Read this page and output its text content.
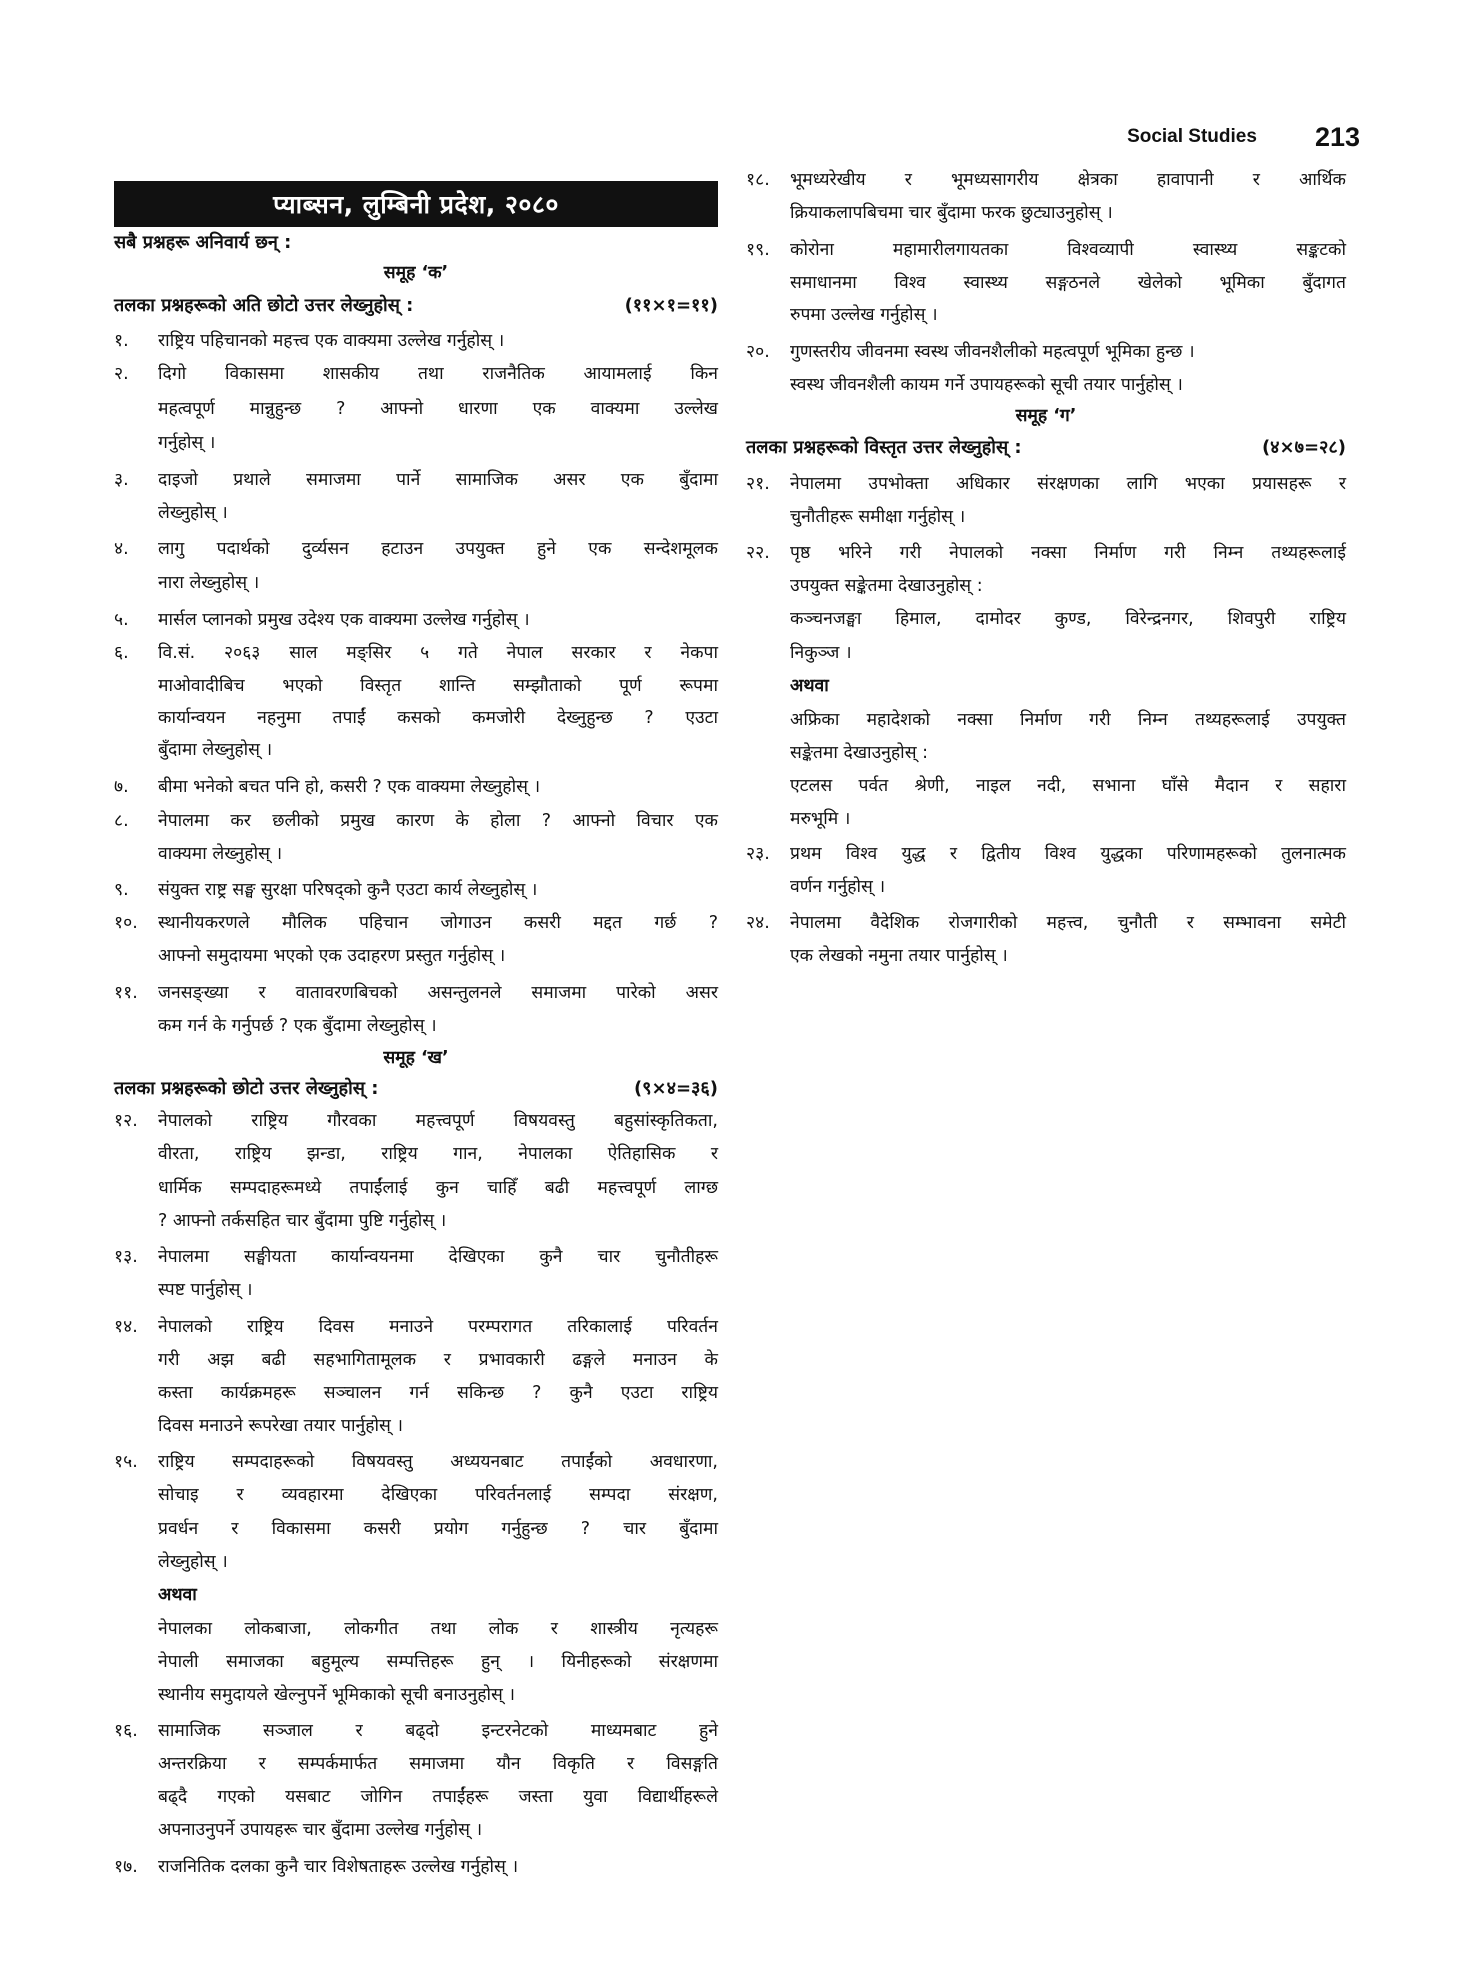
Social Studies 213
प्याब्सन, लुम्बिनी प्रदेश, २०८०
सबै प्रश्नहरू अनिवार्य छन् :
समूह ‘क’
तलका प्रश्नहरूको अति छोटो उत्तर लेख्नुहोस् :	(११×१=११)
१.	राष्ट्रिय पहिचानको महत्त्व एक वाक्यमा उल्लेख गर्नुहोस् ।
२.	दिगो विकासमा शासकीय तथा राजनैतिक आयामलाई किन
महत्वपूर्ण मान्नुहुन्छ ? आफ्नो धारणा एक वाक्यमा उल्लेख
गर्नुहोस् ।
३.	दाइजो प्रथाले समाजमा पार्ने सामाजिक असर एक बुँदामा
लेख्नुहोस् ।
४.	लागु पदार्थको दुर्व्यसन हटाउन उपयुक्त हुने एक सन्देशमूलक
नारा लेख्नुहोस् ।
५.	मार्सल प्लानको प्रमुख उदेश्य एक वाक्यमा उल्लेख गर्नुहोस् ।
६.	वि.सं. २०६३ साल मङ्सिर ५ गते नेपाल सरकार र नेकपा
माओवादीबिच भएको विस्तृत शान्ति सम्झौताको पूर्ण रूपमा
कार्यान्वयन नहनुमा तपाईं कसको कमजोरी देख्नुहुन्छ ? एउटा
बुँदामा लेख्नुहोस् ।
७.	बीमा भनेको बचत पनि हो, कसरी ? एक वाक्यमा लेख्नुहोस् ।
८.	नेपालमा कर छलीको प्रमुख कारण के होला ? आफ्नो विचार एक
वाक्यमा लेख्नुहोस् ।
९.	संयुक्त राष्ट्र सङ्घ सुरक्षा परिषद्को कुनै एउटा कार्य लेख्नुहोस् ।
१०.	स्थानीयकरणले मौलिक पहिचान जोगाउन कसरी मद्दत गर्छ ?
आफ्नो समुदायमा भएको एक उदाहरण प्रस्तुत गर्नुहोस् ।
११.	जनसङ्ख्या र वातावरणबिचको असन्तुलनले समाजमा पारेको असर
कम गर्न के गर्नुपर्छ ? एक बुँदामा लेख्नुहोस् ।
समूह ‘ख’
तलका प्रश्नहरूको छोटो उत्तर लेख्नुहोस् :	(९×४=३६)
१२.	नेपालको राष्ट्रिय गौरवका महत्त्वपूर्ण विषयवस्तु बहुसांस्कृतिकता,
वीरता, राष्ट्रिय झन्डा, राष्ट्रिय गान, नेपालका ऐतिहासिक र
धार्मिक सम्पदाहरूमध्ये तपाईंलाई कुन चाहिँ बढी महत्त्वपूर्ण लाग्छ
? आफ्नो तर्कसहित चार बुँदामा पुष्टि गर्नुहोस् ।
१३.	नेपालमा सङ्घीयता कार्यान्वयनमा देखिएका कुनै चार चुनौतीहरू
स्पष्ट पार्नुहोस् ।
१४.	नेपालको राष्ट्रिय दिवस मनाउने परम्परागत तरिकालाई परिवर्तन
गरी अझ बढी सहभागितामूलक र प्रभावकारी ढङ्गले मनाउन के
कस्ता कार्यक्रमहरू सञ्चालन गर्न सकिन्छ ? कुनै एउटा राष्ट्रिय
दिवस मनाउने रूपरेखा तयार पार्नुहोस् ।
१५.	राष्ट्रिय सम्पदाहरूको विषयवस्तु अध्ययनबाट तपाईंको अवधारणा,
सोचाइ र व्यवहारमा देखिएका परिवर्तनलाई सम्पदा संरक्षण,
प्रवर्धन र विकासमा कसरी प्रयोग गर्नुहुन्छ ? चार बुँदामा
लेख्नुहोस् ।
अथवा
नेपालका लोकबाजा, लोकगीत तथा लोक र शास्त्रीय नृत्यहरू
नेपाली समाजका बहुमूल्य सम्पत्तिहरू हुन् । यिनीहरूको संरक्षणमा
स्थानीय समुदायले खेल्नुपर्ने भूमिकाको सूची बनाउनुहोस् ।
१६.	सामाजिक सञ्जाल र बढ्दो इन्टरनेटको माध्यमबाट हुने
अन्तरक्रिया र सम्पर्कमार्फत समाजमा यौन विकृति र विसङ्गति
बढ्दै गएको यसबाट जोगिन तपाईंहरू जस्ता युवा विद्यार्थीहरूले
अपनाउनुपर्ने उपायहरू चार बुँदामा उल्लेख गर्नुहोस् ।
१७.	राजनितिक दलका कुनै चार विशेषताहरू उल्लेख गर्नुहोस् ।
१८.	भूमध्यरेखीय र भूमध्यसागरीय क्षेत्रका हावापानी र आर्थिक
क्रियाकलापबिचमा चार बुँदामा फरक छुट्याउनुहोस् ।
१९.	कोरोना महामारीलगायतका विश्वव्यापी स्वास्थ्य सङ्कटको
समाधानमा विश्व स्वास्थ्य सङ्गठनले खेलेको भूमिका बुँदागत
रुपमा उल्लेख गर्नुहोस् ।
२०.	गुणस्तरीय जीवनमा स्वस्थ जीवनशैलीको महत्वपूर्ण भूमिका हुन्छ ।
स्वस्थ जीवनशैली कायम गर्ने उपायहरूको सूची तयार पार्नुहोस् ।
समूह ‘ग’
तलका प्रश्नहरूको विस्तृत उत्तर लेख्नुहोस् :	(४×७=२८)
२१.	नेपालमा उपभोक्ता अधिकार संरक्षणका लागि भएका प्रयासहरू र
चुनौतीहरू समीक्षा गर्नुहोस् ।
२२.	पृष्ठ भरिने गरी नेपालको नक्सा निर्माण गरी निम्न तथ्यहरूलाई
उपयुक्त सङ्केतमा देखाउनुहोस् :
कञ्चनजङ्घा हिमाल, दामोदर कुण्ड, विरेन्द्रनगर, शिवपुरी राष्ट्रिय
निकुञ्ज ।
अथवा
अफ्रिका महादेशको नक्सा निर्माण गरी निम्न तथ्यहरूलाई उपयुक्त
सङ्केतमा देखाउनुहोस् :
एटलस पर्वत श्रेणी, नाइल नदी, सभाना घाँसे मैदान र सहारा
मरुभूमि ।
२३.	प्रथम विश्व युद्ध र द्वितीय विश्व युद्धका परिणामहरूको तुलनात्मक
वर्णन गर्नुहोस् ।
२४.	नेपालमा वैदेशिक रोजगारीको महत्त्व, चुनौती र सम्भावना समेटी
एक लेखको नमुना तयार पार्नुहोस् ।
